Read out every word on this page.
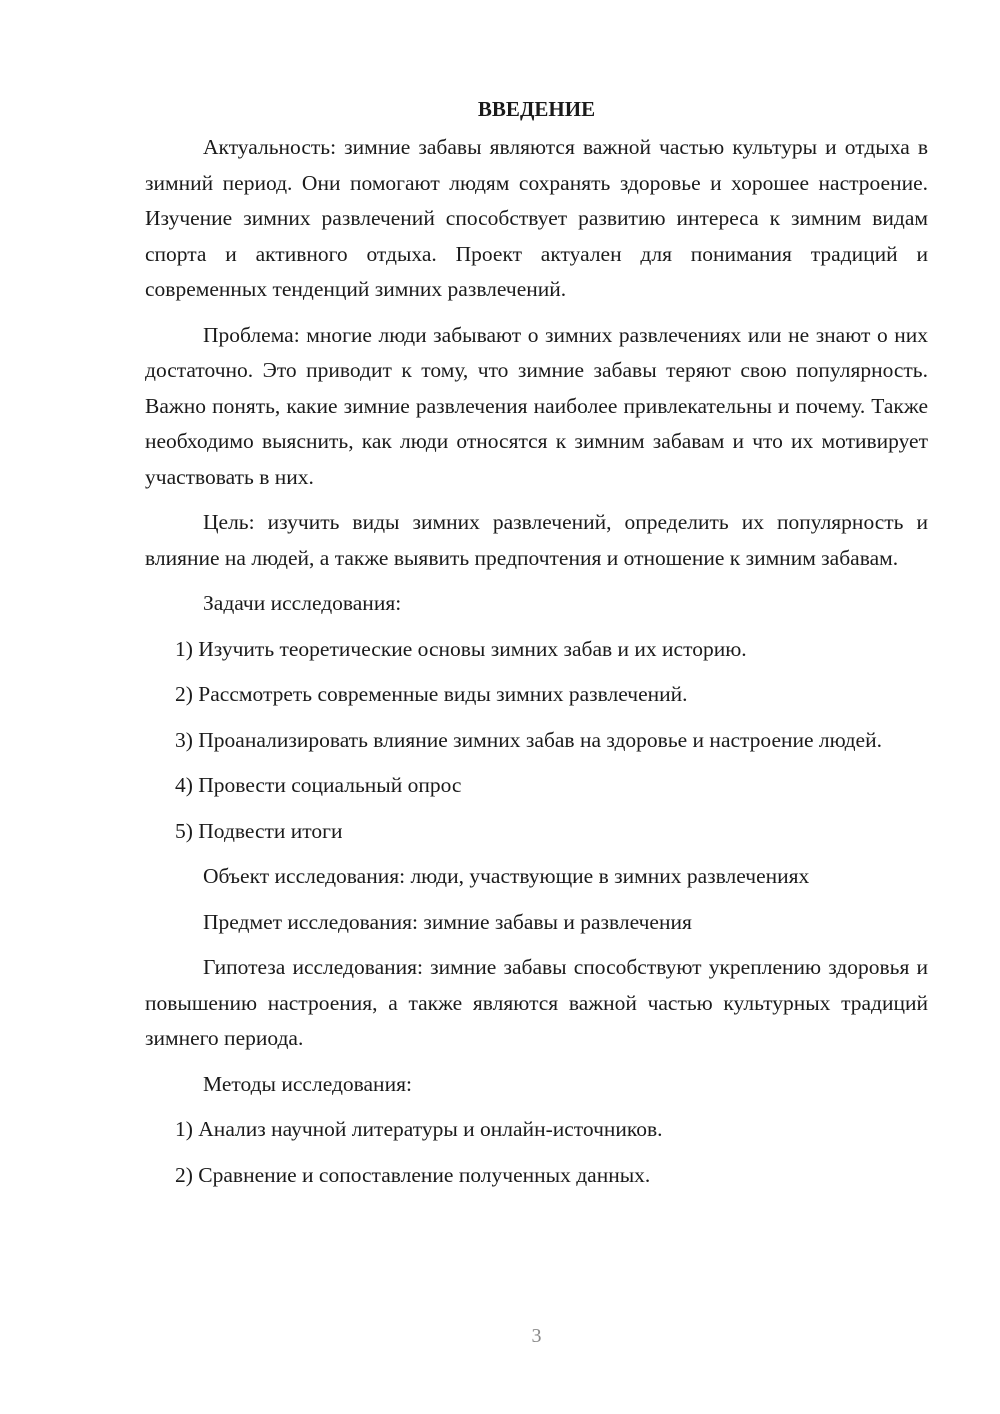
ВВЕДЕНИЕ

Актуальность: зимние забавы являются важной частью культуры и отдыха в зимний период. Они помогают людям сохранять здоровье и хорошее настроение. Изучение зимних развлечений способствует развитию интереса к зимним видам спорта и активного отдыха. Проект актуален для понимания традиций и современных тенденций зимних развлечений.

Проблема: многие люди забывают о зимних развлечениях или не знают о них достаточно. Это приводит к тому, что зимние забавы теряют свою популярность. Важно понять, какие зимние развлечения наиболее привлекательны и почему. Также необходимо выяснить, как люди относятся к зимним забавам и что их мотивирует участвовать в них.

Цель: изучить виды зимних развлечений, определить их популярность и влияние на людей, а также выявить предпочтения и отношение к зимним забавам.

Задачи исследования:

1) Изучить теоретические основы зимних забав и их историю.

2) Рассмотреть современные виды зимних развлечений.

3) Проанализировать влияние зимних забав на здоровье и настроение людей.

4) Провести социальный опрос

5) Подвести итоги

Объект исследования: люди, участвующие в зимних развлечениях

Предмет исследования: зимние забавы и развлечения

Гипотеза исследования: зимние забавы способствуют укреплению здоровья и повышению настроения, а также являются важной частью культурных традиций зимнего периода.

Методы исследования:

1) Анализ научной литературы и онлайн-источников.

2) Сравнение и сопоставление полученных данных.

3
